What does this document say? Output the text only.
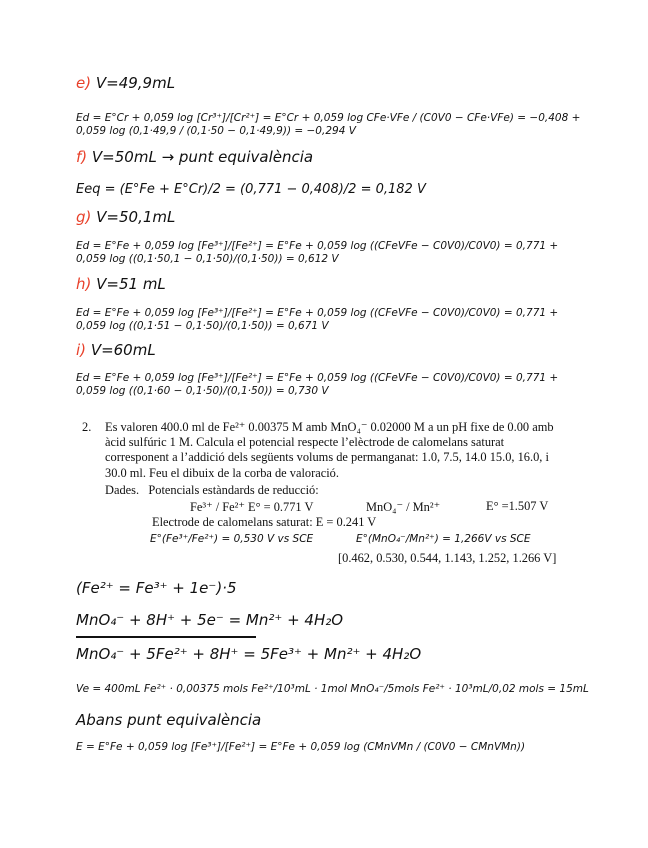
e) V=49,9mL
Ed = E°Cr + 0,059 log [Cr³⁺]/[Cr²⁺] = E°Cr + 0,059 log CFe·VFe / (C0V0 − CFe·VFe) = −0,408 + 0,059 log (0,1·49,9 / (0,1·50 − 0,1·49,9)) = −0,294 V
f) V=50mL → punt equivalència
Eeq = (E°Fe + E°Cr)/2 = (0,771 − 0,408)/2 = 0,182 V
g) V=50,1mL
Ed = E°Fe + 0,059 log [Fe³⁺]/[Fe²⁺] = E°Fe + 0,059 log ((CFeVFe − C0V0)/C0V0) = 0,771 + 0,059 log ((0,1·50,1 − 0,1·50)/(0,1·50)) = 0,612 V
h) V=51 mL
Ed = E°Fe + 0,059 log [Fe³⁺]/[Fe²⁺] = E°Fe + 0,059 log ((CFeVFe − C0V0)/C0V0) = 0,771 + 0,059 log ((0,1·51 − 0,1·50)/(0,1·50)) = 0,671 V
i) V=60mL
Ed = E°Fe + 0,059 log [Fe³⁺]/[Fe²⁺] = E°Fe + 0,059 log ((CFeVFe − C0V0)/C0V0) = 0,771 + 0,059 log ((0,1·60 − 0,1·50)/(0,1·50)) = 0,730 V
2. Es valoren 400.0 ml de Fe²⁺ 0.00375 M amb MnO₄⁻ 0.02000 M a un pH fixe de 0.00 amb
àcid sulfúric 1 M. Calcula el potencial respecte l’elèctrode de calomelans saturat
corresponent a l’addició dels següents volums de permanganat: 1.0, 7.5, 14.0 15.0, 16.0, i
30.0 ml. Feu el dibuix de la corba de valoració.
Dades. Potencials estàndards de reducció:
Fe³⁺ / Fe²⁺ E° = 0.771 V	MnO₄⁻ / Mn²⁺	E° =1.507 V
Electrode de calomelans saturat: E = 0.241 V
E°(Fe³⁺/Fe²⁺) = 0,530 V vs SCE	E°(MnO₄⁻/Mn²⁺) = 1,266V vs SCE
[0.462, 0.530, 0.544, 1.143, 1.252, 1.266 V]
(Fe²⁺ = Fe³⁺ + 1e⁻)·5
MnO₄⁻ + 8H⁺ + 5e⁻ = Mn²⁺ + 4H₂O
MnO₄⁻ + 5Fe²⁺ + 8H⁺ = 5Fe³⁺ + Mn²⁺ + 4H₂O
Ve = 400mL Fe²⁺ · 0,00375 mols Fe²⁺/10³mL · 1mol MnO₄⁻/5mols Fe²⁺ · 10³mL/0,02 mols = 15mL
Abans punt equivalència
E = E°Fe + 0,059 log [Fe³⁺]/[Fe²⁺] = E°Fe + 0,059 log (CMnVMn / (C0V0 − CMnVMn))
